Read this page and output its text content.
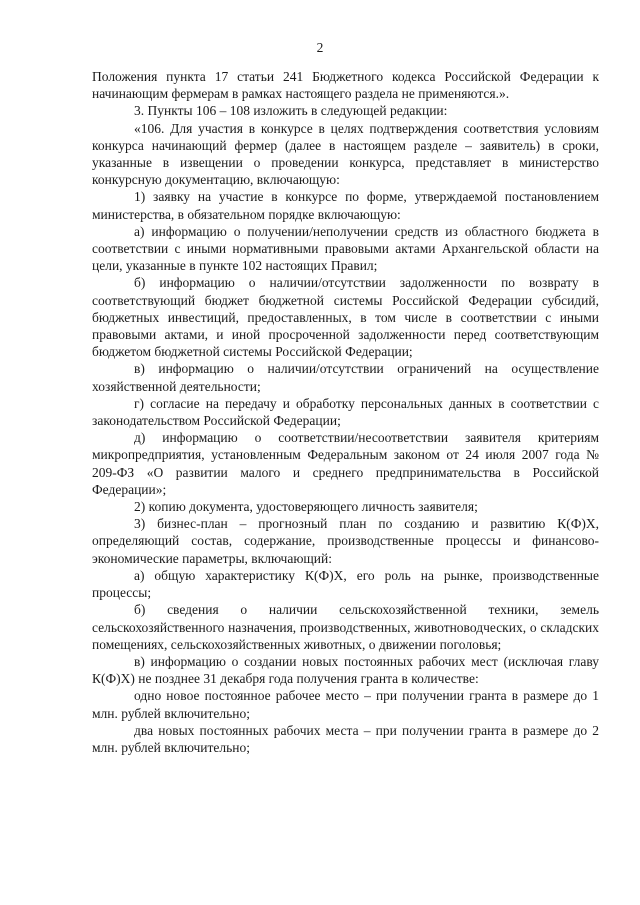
2

Положения пункта 17 статьи 241 Бюджетного кодекса Российской Федерации к начинающим фермерам в рамках настоящего раздела не применяются.».

3. Пункты 106 – 108 изложить в следующей редакции:

«106. Для участия в конкурсе в целях подтверждения соответствия условиям конкурса начинающий фермер (далее в настоящем разделе – заявитель) в сроки, указанные в извещении о проведении конкурса, представляет в министерство конкурсную документацию, включающую:

1) заявку на участие в конкурсе по форме, утверждаемой постановлением министерства, в обязательном порядке включающую:

а) информацию о получении/неполучении средств из областного бюджета в соответствии с иными нормативными правовыми актами Архангельской области на цели, указанные в пункте 102 настоящих Правил;

б) информацию о наличии/отсутствии задолженности по возврату в соответствующий бюджет бюджетной системы Российской Федерации субсидий, бюджетных инвестиций, предоставленных, в том числе в соответствии с иными правовыми актами, и иной просроченной задолженности перед соответствующим бюджетом бюджетной системы Российской Федерации;

в) информацию о наличии/отсутствии ограничений на осуществление хозяйственной деятельности;

г) согласие на передачу и обработку персональных данных в соответствии с законодательством Российской Федерации;

д) информацию о соответствии/несоответствии заявителя критериям микропредприятия, установленным Федеральным законом от 24 июля 2007 года № 209-ФЗ «О развитии малого и среднего предпринимательства в Российской Федерации»;

2) копию документа, удостоверяющего личность заявителя;

3) бизнес-план – прогнозный план по созданию и развитию К(Ф)Х, определяющий состав, содержание, производственные процессы и финансово-экономические параметры, включающий:

а) общую характеристику К(Ф)Х, его роль на рынке, производственные процессы;

б) сведения о наличии сельскохозяйственной техники, земель сельскохозяйственного назначения, производственных, животноводческих, о складских помещениях, сельскохозяйственных животных, о движении поголовья;

в) информацию о создании новых постоянных рабочих мест (исключая главу К(Ф)Х) не позднее 31 декабря года получения гранта в количестве:

одно новое постоянное рабочее место – при получении гранта в размере до 1 млн. рублей включительно;

два новых постоянных рабочих места – при получении гранта в размере до 2 млн. рублей включительно;
